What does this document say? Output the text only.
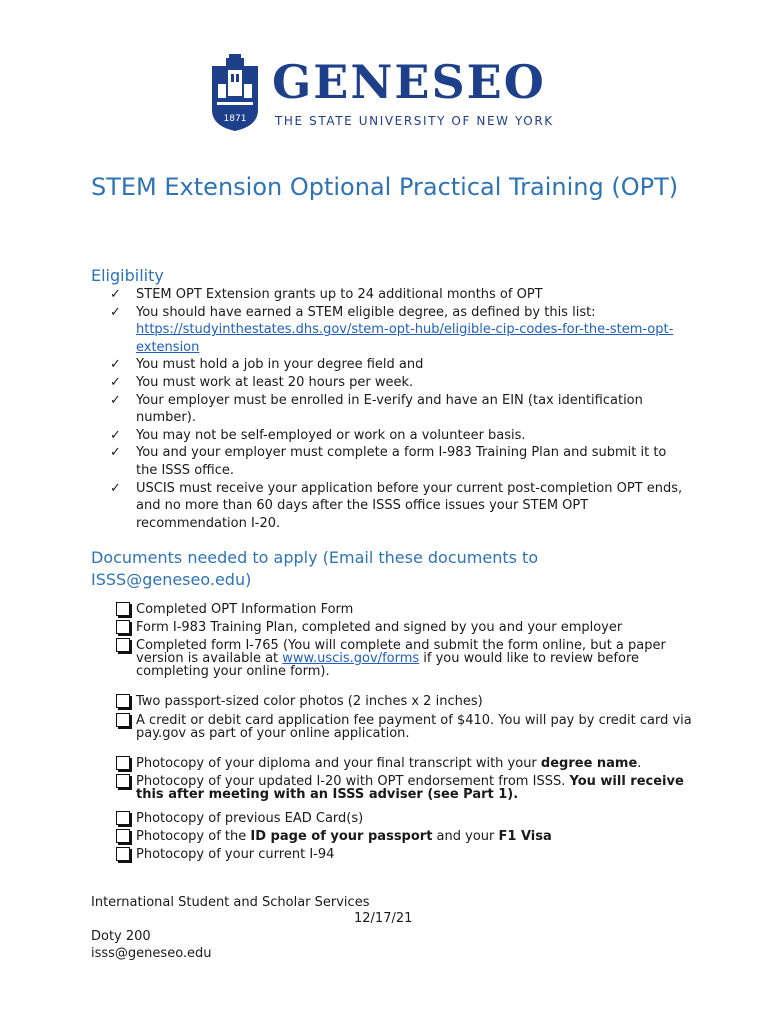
1871
GENESEO
THE STATE UNIVERSITY OF NEW YORK
STEM Extension Optional Practical Training (OPT)
Eligibility
✓ STEM OPT Extension grants up to 24 additional months of OPT
✓ You should have earned a STEM eligible degree, as defined by this list:
https://studyinthestates.dhs.gov/stem-opt-hub/eligible-cip-codes-for-the-stem-opt-extension
✓ You must hold a job in your degree field and
✓ You must work at least 20 hours per week.
✓ Your employer must be enrolled in E-verify and have an EIN (tax identification number).
✓ You may not be self-employed or work on a volunteer basis.
✓ You and your employer must complete a form I-983 Training Plan and submit it to the ISSS office.
✓ USCIS must receive your application before your current post-completion OPT ends, and no more than 60 days after the ISSS office issues your STEM OPT recommendation I-20.
Documents needed to apply (Email these documents to ISSS@geneseo.edu)
Completed OPT Information Form
Form I-983 Training Plan, completed and signed by you and your employer
Completed form I-765 (You will complete and submit the form online, but a paper version is available at www.uscis.gov/forms if you would like to review before completing your online form).
Two passport-sized color photos (2 inches x 2 inches)
A credit or debit card application fee payment of $410. You will pay by credit card via pay.gov as part of your online application.
Photocopy of your diploma and your final transcript with your degree name.
Photocopy of your updated I-20 with OPT endorsement from ISSS. You will receive this after meeting with an ISSS adviser (see Part 1).
Photocopy of previous EAD Card(s)
Photocopy of the ID page of your passport and your F1 Visa
Photocopy of your current I-94
International Student and Scholar Services
12/17/21
Doty 200
isss@geneseo.edu
